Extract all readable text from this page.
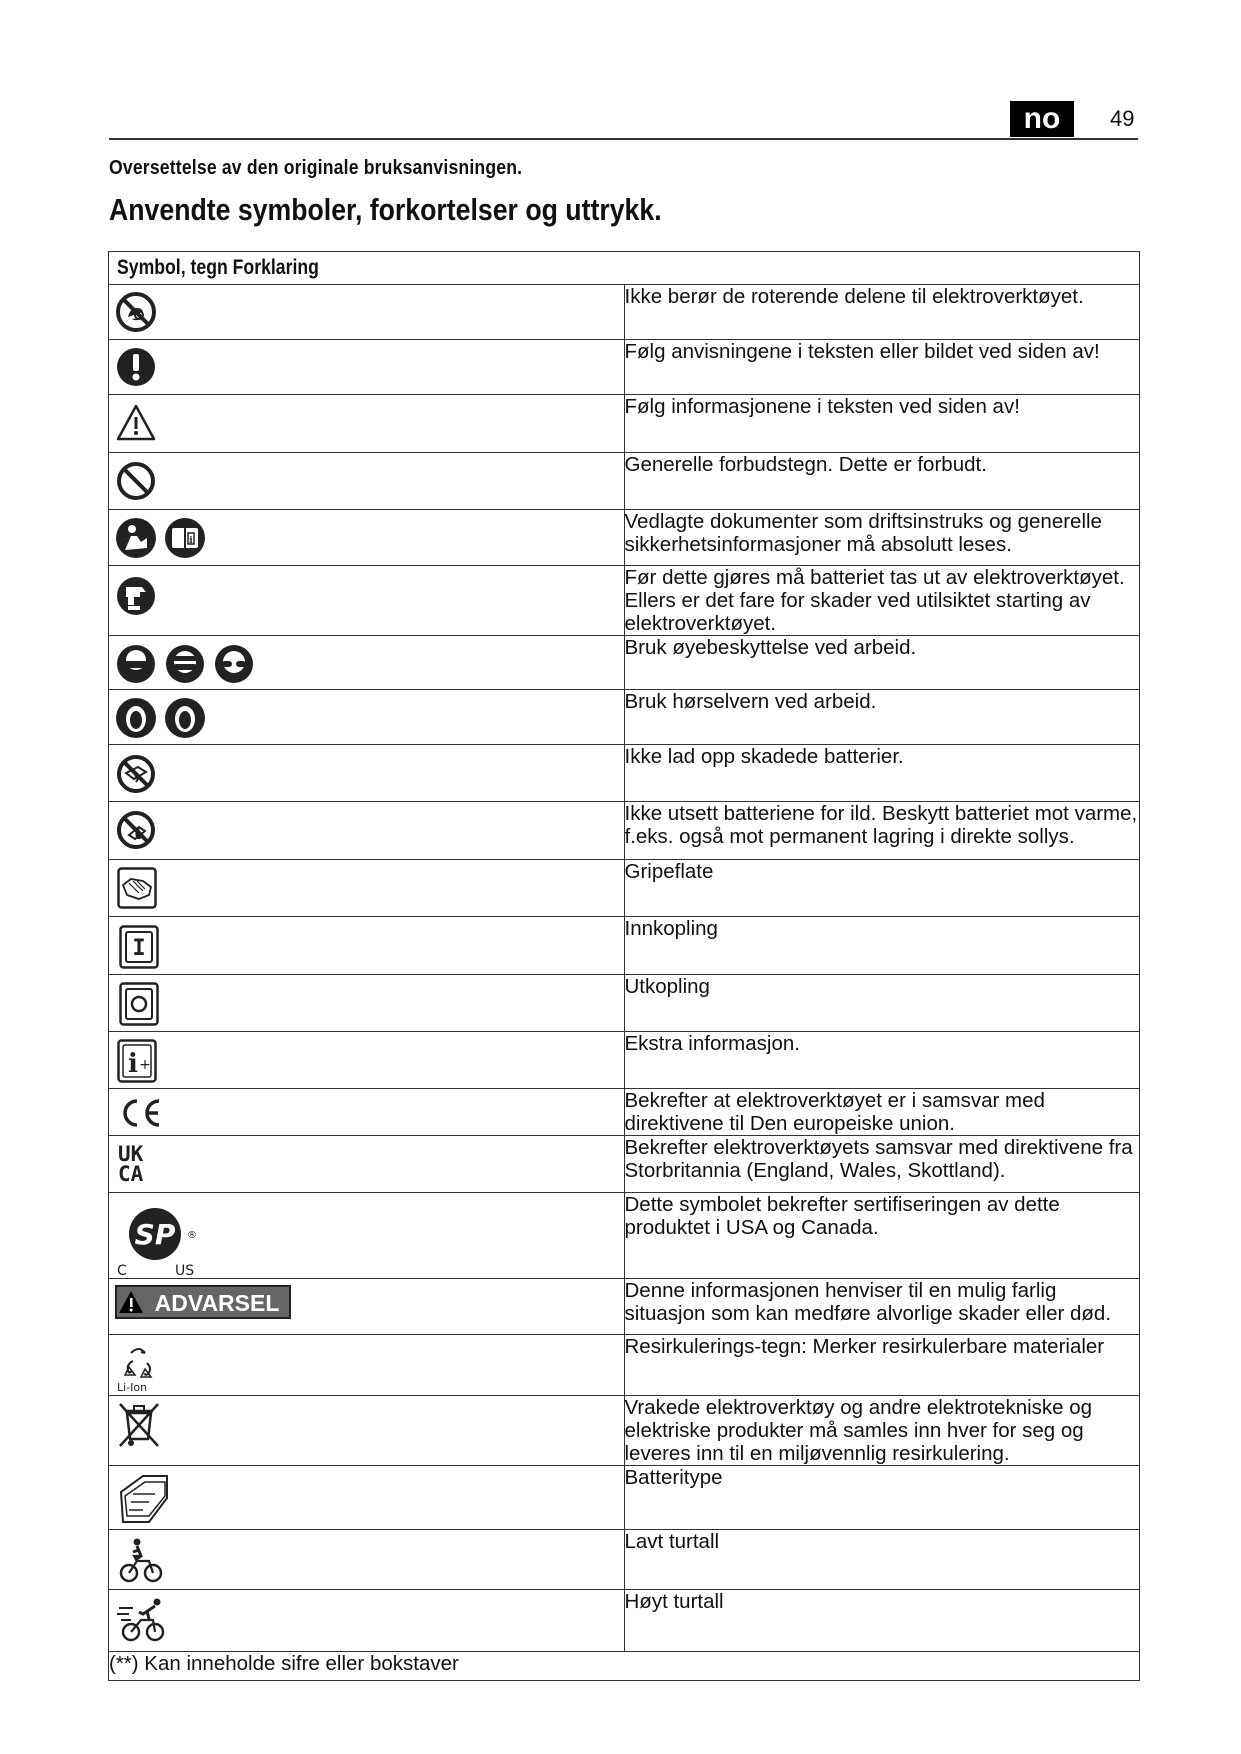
no	49
Oversettelse av den originale bruksanvisningen.
Anvendte symboler, forkortelser og uttrykk.
Symbol, tegn Forklaring	

	Ikke berør de roterende delene til elektroverktøyet.

	Følg anvisningene i teksten eller bildet ved siden av!

	Følg informasjonene i teksten ved siden av!

	Generelle forbudstegn. Dette er forbudt.

i	Vedlagte dokumenter som driftsinstruks og generelle sikkerhetsinformasjoner må absolutt leses.

	Før dette gjøres må batteriet tas ut av elektroverktøyet. Ellers er det fare for skader ved utilsiktet starting av elektroverktøyet.

	Bruk øyebeskyttelse ved arbeid.

	Bruk hørselvern ved arbeid.

	Ikke lad opp skadede batterier.

	Ikke utsett batteriene for ild. Beskytt batteriet mot varme, f.eks. også mot permanent lagring i direkte sollys.

	Gripeflate

I	Innkopling

	Utkopling

i +	Ekstra informasjon.

	Bekrefter at elektroverktøyet er i samsvar med direktivene til Den europeiske union.

UK
CA	Bekrefter elektroverktøyets samsvar med direktivene fra Storbritannia (England, Wales, Skottland).

SP ®
C US	Dette symbolet bekrefter sertifiseringen av dette produktet i USA og Canada.

ADVARSEL	Denne informasjonen henviser til en mulig farlig situasjon som kan medføre alvorlige skader eller død.

Li-Ion	Resirkulerings-tegn: Merker resirkulerbare materialer

	Vrakede elektroverktøy og andre elektrotekniske og elektriske produkter må samles inn hver for seg og leveres inn til en miljøvennlig resirkulering.

	Batteritype

	Lavt turtall

	Høyt turtall
(**) Kan inneholde sifre eller bokstaver	
